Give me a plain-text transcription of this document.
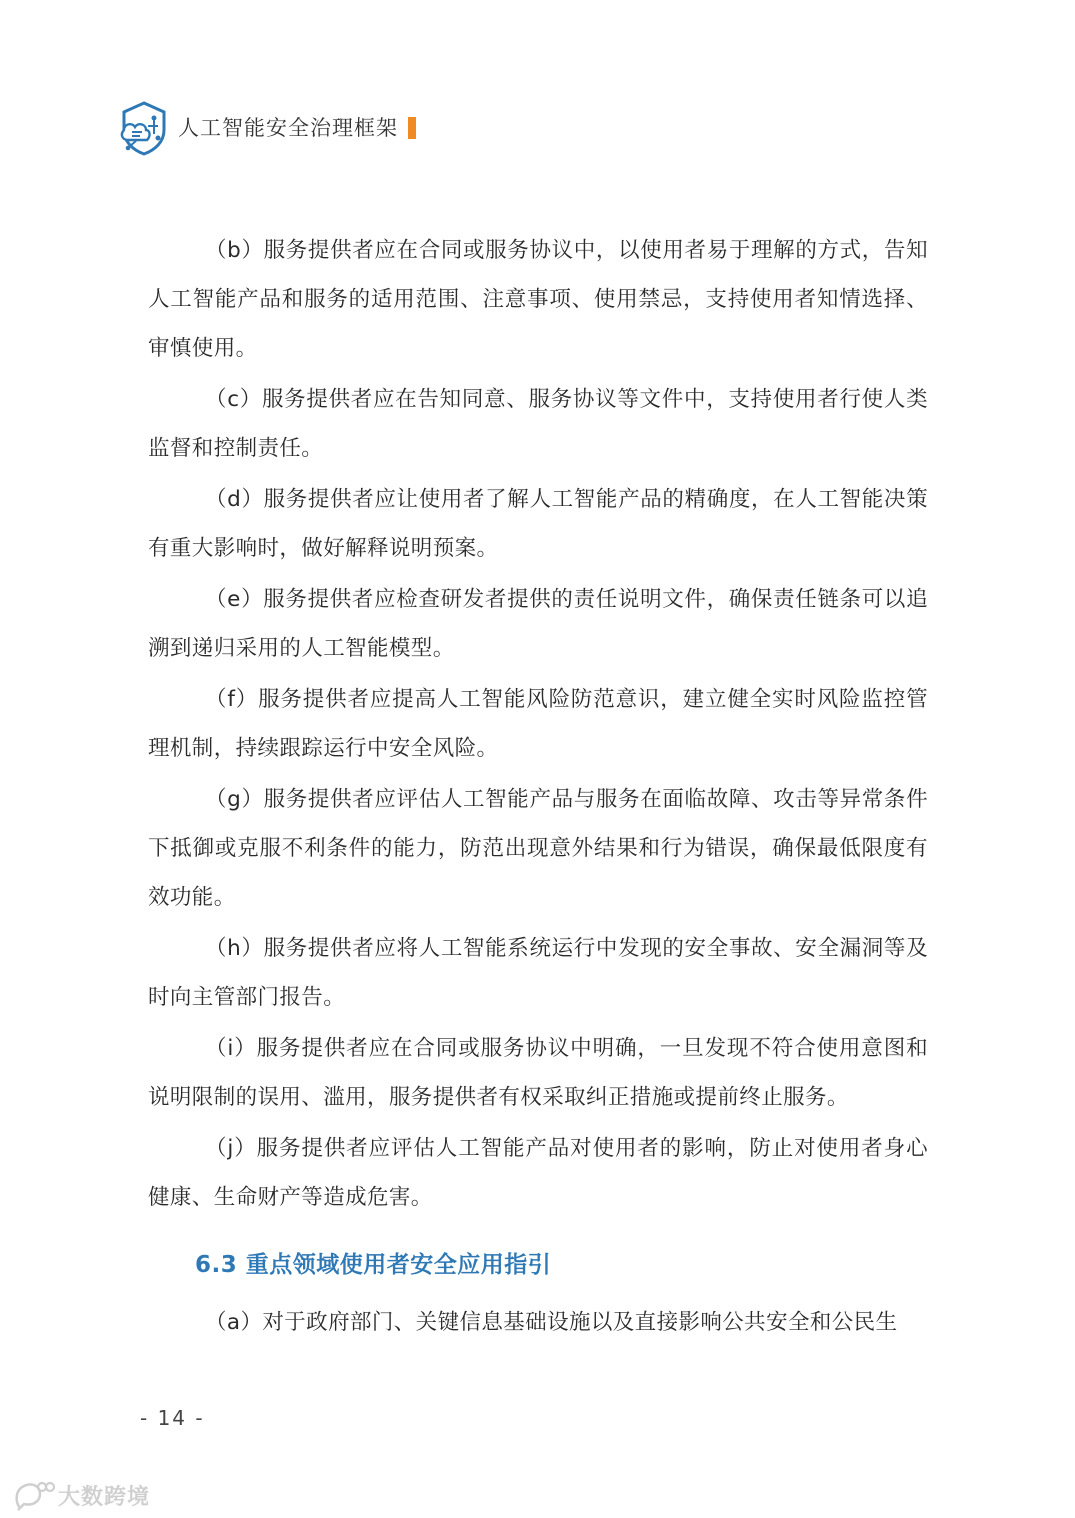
人工智能安全治理框架

（b）服务提供者应在合同或服务协议中，以使用者易于理解的方式，告知人工智能产品和服务的适用范围、注意事项、使用禁忌，支持使用者知情选择、审慎使用。

（c）服务提供者应在告知同意、服务协议等文件中，支持使用者行使人类监督和控制责任。

（d）服务提供者应让使用者了解人工智能产品的精确度，在人工智能决策有重大影响时，做好解释说明预案。

（e）服务提供者应检查研发者提供的责任说明文件，确保责任链条可以追溯到递归采用的人工智能模型。

（f）服务提供者应提高人工智能风险防范意识，建立健全实时风险监控管理机制，持续跟踪运行中安全风险。

（g）服务提供者应评估人工智能产品与服务在面临故障、攻击等异常条件下抵御或克服不利条件的能力，防范出现意外结果和行为错误，确保最低限度有效功能。

（h）服务提供者应将人工智能系统运行中发现的安全事故、安全漏洞等及时向主管部门报告。

（i）服务提供者应在合同或服务协议中明确，一旦发现不符合使用意图和说明限制的误用、滥用，服务提供者有权采取纠正措施或提前终止服务。

（j）服务提供者应评估人工智能产品对使用者的影响，防止对使用者身心健康、生命财产等造成危害。

6.3 重点领域使用者安全应用指引

（a）对于政府部门、关键信息基础设施以及直接影响公共安全和公民生

- 14 -
大数跨境
